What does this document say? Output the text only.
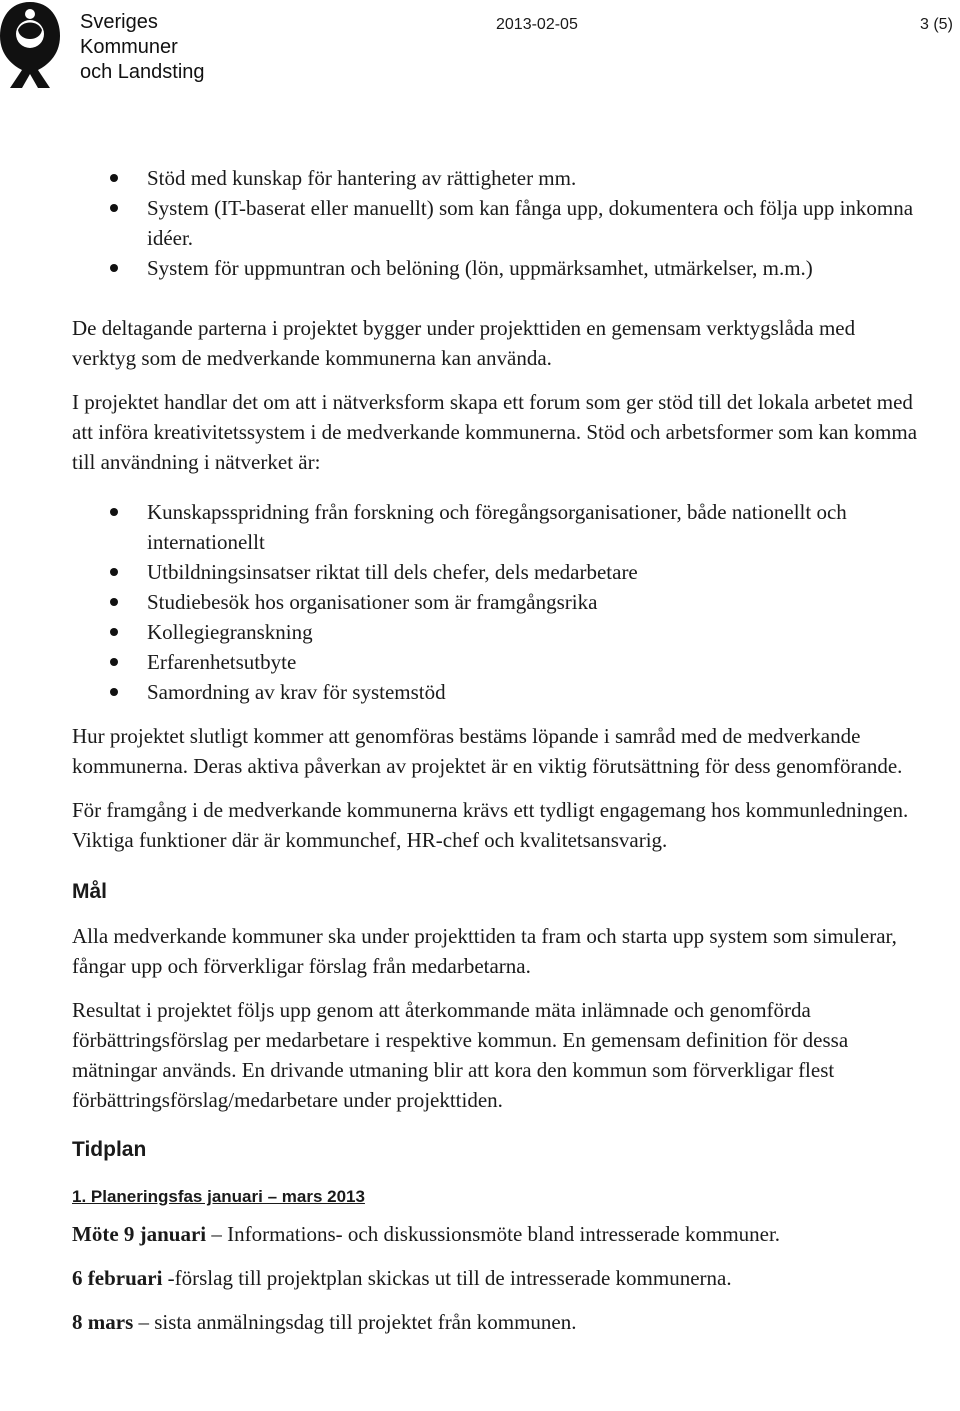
Sveriges
Kommuner
och Landsting
2013-02-05	3 (5)
Stöd med kunskap för hantering av rättigheter mm.
System (IT-baserat eller manuellt) som kan fånga upp, dokumentera och följa upp inkomna idéer.
System för uppmuntran och belöning (lön, uppmärksamhet, utmärkelser, m.m.)

De deltagande parterna i projektet bygger under projekttiden en gemensam verktygslåda med verktyg som de medverkande kommunerna kan använda.

I projektet handlar det om att i nätverksform skapa ett forum som ger stöd till det lokala arbetet med att införa kreativitetssystem i de medverkande kommunerna. Stöd och arbetsformer som kan komma till användning i nätverket är:

Kunskapsspridning från forskning och föregångsorganisationer, både nationellt och internationellt
Utbildningsinsatser riktat till dels chefer, dels medarbetare
Studiebesök hos organisationer som är framgångsrika
Kollegiegranskning
Erfarenhetsutbyte
Samordning av krav för systemstöd

Hur projektet slutligt kommer att genomföras bestäms löpande i samråd med de medverkande kommunerna. Deras aktiva påverkan av projektet är en viktig förutsättning för dess genomförande.

För framgång i de medverkande kommunerna krävs ett tydligt engagemang hos kommunledningen. Viktiga funktioner där är kommunchef, HR-chef och kvalitetsansvarig.

Mål

Alla medverkande kommuner ska under projekttiden ta fram och starta upp system som simulerar, fångar upp och förverkligar förslag från medarbetarna.

Resultat i projektet följs upp genom att återkommande mäta inlämnade och genomförda förbättringsförslag per medarbetare i respektive kommun. En gemensam definition för dessa mätningar används. En drivande utmaning blir att kora den kommun som förverkligar flest förbättringsförslag/medarbetare under projekttiden.

Tidplan
1. Planeringsfas januari – mars 2013

Möte 9 januari – Informations- och diskussionsmöte bland intresserade kommuner.

6 februari -förslag till projektplan skickas ut till de intresserade kommunerna.

8 mars – sista anmälningsdag till projektet från kommunen.
